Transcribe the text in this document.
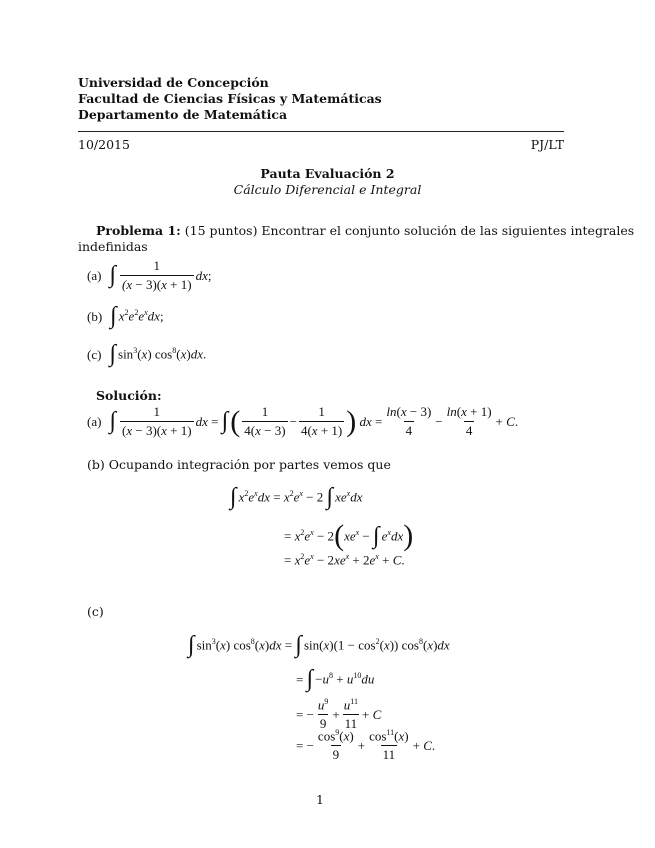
Universidad de Concepción
Facultad de Ciencias Físicas y Matemáticas
Departamento de Matemática
10/2015	PJ/LT
Pauta Evaluación 2
Cálculo Diferencial e Integral
Problema 1: (15 puntos) Encontrar el conjunto solución de las siguientes integrales
indefinidas
(a) ∫ $\frac{1}{(x - 3)(x + 1)}$ dx;
(b) ∫ $x^2e^2e^xdx$;
(c) ∫ $\sin^3(x)$ $\cos^8(x)dx$.
Solución:
(a) ∫ $\frac{1}{(x - 3)(x + 1)}$ dx = ∫ ( $\frac{1}{4(x - 3)} - \frac{1}{4(x + 1)}$ ) dx = $\frac{\ln(x - 3)}{4} - \frac{\ln(x + 1)}{4} + C$.
(b) Ocupando integración por partes vemos que
∫ $x^2e^xdx = x^2e^x - 2$ ∫ $xe^xdx$
= $x^2e^x - 2$ ( $xe^x$ − ∫ $e^xdx$ )
= $x^2e^x - 2xe^x + 2e^x + C$.
(c)
∫ $\sin^3(x) \cos^8(x)dx$ = ∫ $\sin(x)(1 - \cos^2(x))$ $\cos^8(x)dx$
= ∫ $-u^8 + u^{10}du$
= − $\frac{u^9}{9} + \frac{u^{11}}{11} + C$
= − $\frac{\cos^9(x)}{9} + \frac{\cos^{11}(x)}{11} + C$.
1
